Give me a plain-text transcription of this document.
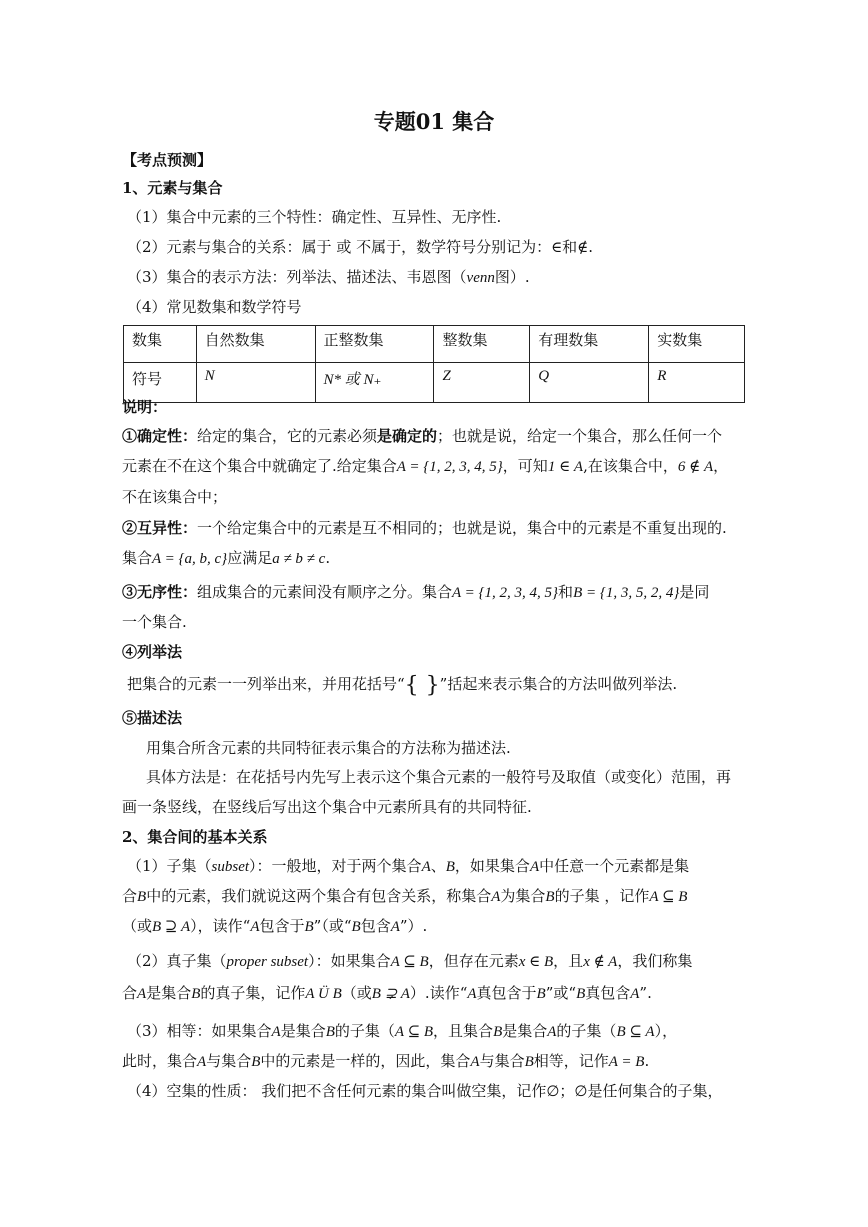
专题01 集合
【考点预测】
1、元素与集合
（1）集合中元素的三个特性：确定性、互异性、无序性.
（2）元素与集合的关系：属于 或 不属于，数学符号分别记为：∈和∉.
（3）集合的表示方法：列举法、描述法、韦恩图（venn图）.
（4）常见数集和数学符号
数集	自然数集	正整数集	整数集	有理数集	实数集
符号	N	N* 或 N₊	Z	Q	R
说明：
①确定性：给定的集合，它的元素必须是确定的；也就是说，给定一个集合，那么任何一个
元素在不在这个集合中就确定了.给定集合A = {1, 2, 3, 4, 5}，可知1 ∈ A,在该集合中，6 ∉ A，
不在该集合中；
②互异性：一个给定集合中的元素是互不相同的；也就是说，集合中的元素是不重复出现的.
集合A = {a, b, c}应满足a ≠ b ≠ c.
③无序性：组成集合的元素间没有顺序之分。集合A = {1, 2, 3, 4, 5}和B = {1, 3, 5, 2, 4}是同
一个集合.
④列举法
把集合的元素一一列举出来，并用花括号“{ }”括起来表示集合的方法叫做列举法.
⑤描述法
用集合所含元素的共同特征表示集合的方法称为描述法.
具体方法是：在花括号内先写上表示这个集合元素的一般符号及取值（或变化）范围，再
画一条竖线，在竖线后写出这个集合中元素所具有的共同特征.
2、集合间的基本关系
（1）子集（subset）：一般地，对于两个集合A、B，如果集合A中任意一个元素都是集
合B中的元素，我们就说这两个集合有包含关系，称集合A为集合B的子集 ，记作A ⊆ B
（或B ⊇ A），读作“A包含于B”（或“B包含A”）.
（2）真子集（proper subset）：如果集合A ⊆ B，但存在元素x ∈ B，且x ∉ A，我们称集
合A是集合B的真子集，记作A Ü B（或B ⊋ A）.读作“A真包含于B”或“B真包含A”.
（3）相等：如果集合A是集合B的子集（A ⊆ B，且集合B是集合A的子集（B ⊆ A），
此时，集合A与集合B中的元素是一样的，因此，集合A与集合B相等，记作A = B.
（4）空集的性质： 我们把不含任何元素的集合叫做空集，记作∅；∅是任何集合的子集，
